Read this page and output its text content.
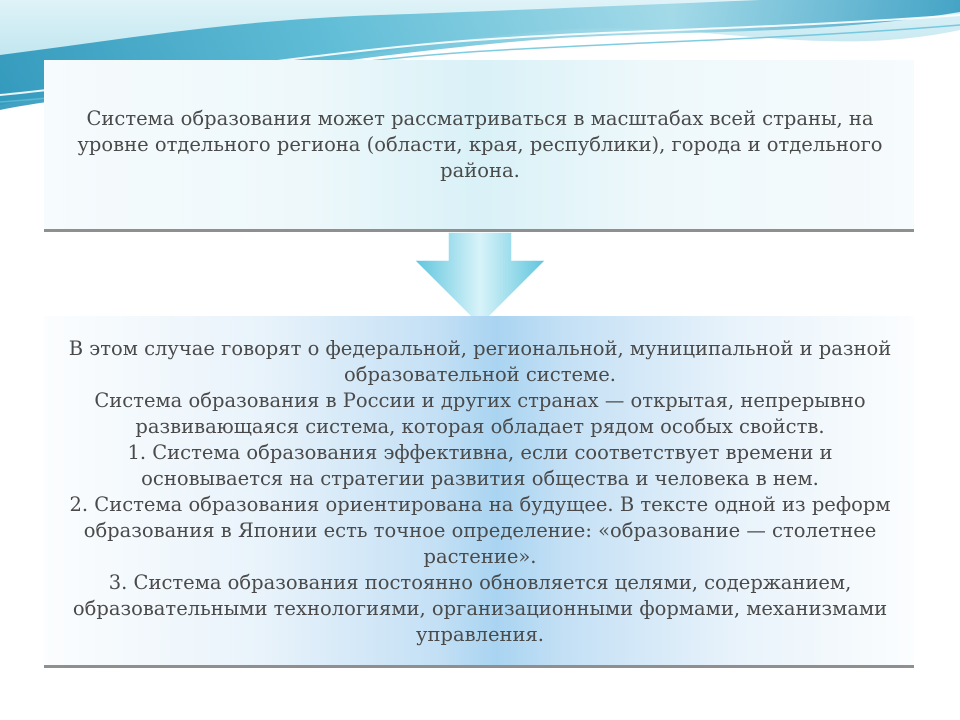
Система образования может рассматриваться в масштабах всей страны, на уровне отдельного региона (области, края, республики), города и отдельного района.

В этом случае говорят о федеральной, региональной, муниципальной и разной образовательной системе.

Система образования в России и других странах — открытая, непрерывно развивающаяся система, которая обладает рядом особых свойств.

1. Система образования эффективна, если соответствует времени и основывается на стратегии развития общества и человека в нем.

2. Система образования ориентирована на будущее. В тексте одной из реформ образования в Японии есть точное определение: «образование — столетнее растение».

3. Система образования постоянно обновляется целями, содержанием, образовательными технологиями, организационными формами, механизмами управления.
